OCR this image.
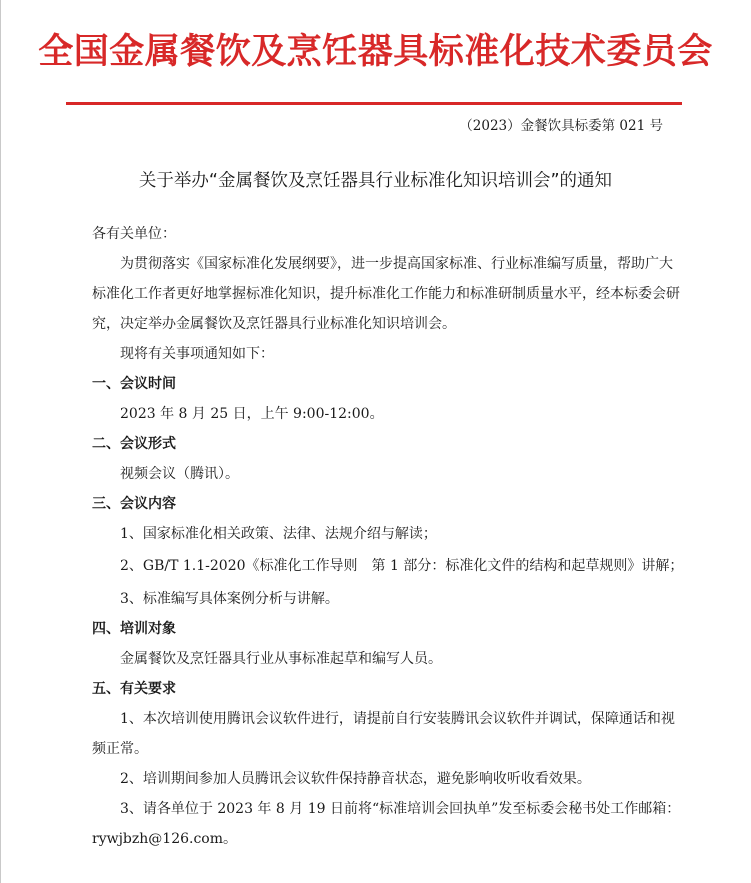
全国金属餐饮及烹饪器具标准化技术委员会
（2023）金餐饮具标委第 021 号
关于举办“金属餐饮及烹饪器具行业标准化知识培训会”的通知

各有关单位：

为贯彻落实《国家标准化发展纲要》，进一步提高国家标准、行业标准编写质量，帮助广大标准化工作者更好地掌握标准化知识，提升标准化工作能力和标准研制质量水平，经本标委会研究，决定举办金属餐饮及烹饪器具行业标准化知识培训会。

现将有关事项通知如下：

一、会议时间

2023 年 8 月 25 日，上午 9:00-12:00。

二、会议形式

视频会议（腾讯）。

三、会议内容

1、国家标准化相关政策、法律、法规介绍与解读；

2、GB/T 1.1-2020《标准化工作导则　第 1 部分：标准化文件的结构和起草规则》讲解；

3、标准编写具体案例分析与讲解。

四、培训对象

金属餐饮及烹饪器具行业从事标准起草和编写人员。

五、有关要求

1、本次培训使用腾讯会议软件进行，请提前自行安装腾讯会议软件并调试，保障通话和视频正常。

2、培训期间参加人员腾讯会议软件保持静音状态，避免影响收听收看效果。

3、请各单位于 2023 年 8 月 19 日前将“标准培训会回执单”发至标委会秘书处工作邮箱：rywjbzh@126.com。
